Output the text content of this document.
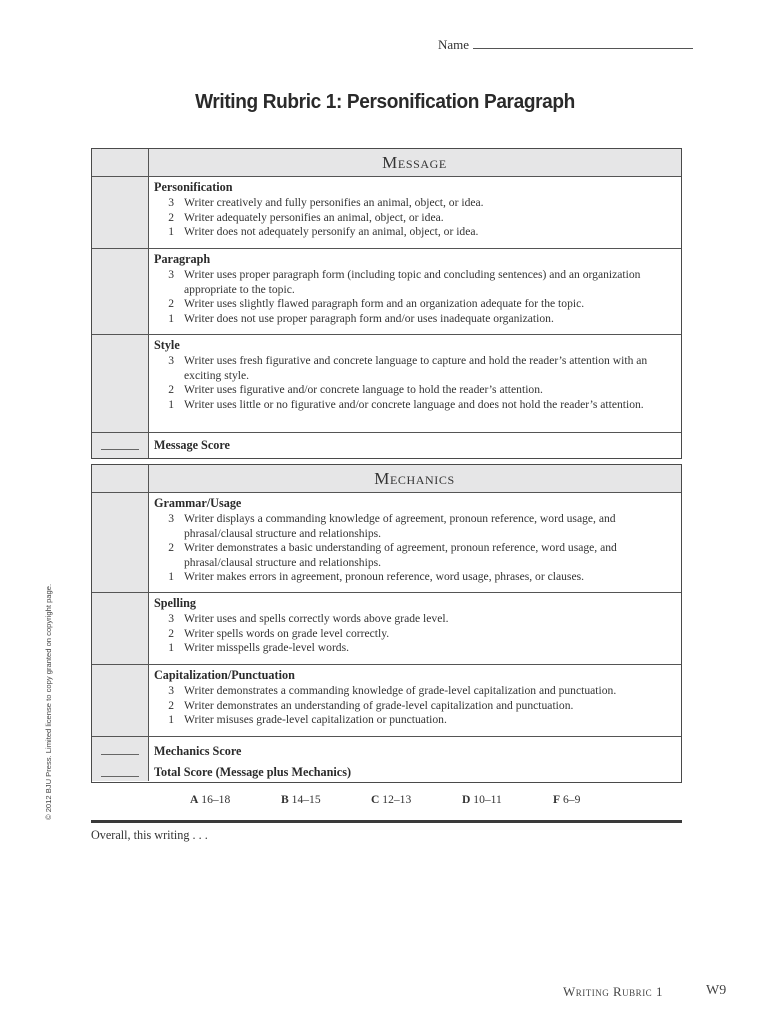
Name
Writing Rubric 1: Personification Paragraph
Message
Personification
3 Writer creatively and fully personifies an animal, object, or idea.
2 Writer adequately personifies an animal, object, or idea.
1 Writer does not adequately personify an animal, object, or idea.
Paragraph
3 Writer uses proper paragraph form (including topic and concluding sentences) and an organization appropriate to the topic.
2 Writer uses slightly flawed paragraph form and an organization adequate for the topic.
1 Writer does not use proper paragraph form and/or uses inadequate organization.
Style
3 Writer uses fresh figurative and concrete language to capture and hold the reader’s attention with an exciting style.
2 Writer uses figurative and/or concrete language to hold the reader’s attention.
1 Writer uses little or no figurative and/or concrete language and does not hold the reader’s attention.
Message Score
Mechanics
Grammar/Usage
3 Writer displays a commanding knowledge of agreement, pronoun reference, word usage, and phrasal/clausal structure and relationships.
2 Writer demonstrates a basic understanding of agreement, pronoun reference, word usage, and phrasal/clausal structure and relationships.
1 Writer makes errors in agreement, pronoun reference, word usage, phrases, or clauses.
Spelling
3 Writer uses and spells correctly words above grade level.
2 Writer spells words on grade level correctly.
1 Writer misspells grade-level words.
Capitalization/Punctuation
3 Writer demonstrates a commanding knowledge of grade-level capitalization and punctuation.
2 Writer demonstrates an understanding of grade-level capitalization and punctuation.
1 Writer misuses grade-level capitalization or punctuation.
Mechanics Score
Total Score (Message plus Mechanics)
A 16–18	B 14–15	C 12–13	D 10–11	F 6–9
Overall, this writing . . .
© 2012 BJU Press. Limited license to copy granted on copyright page.
Writing Rubric 1	W9
